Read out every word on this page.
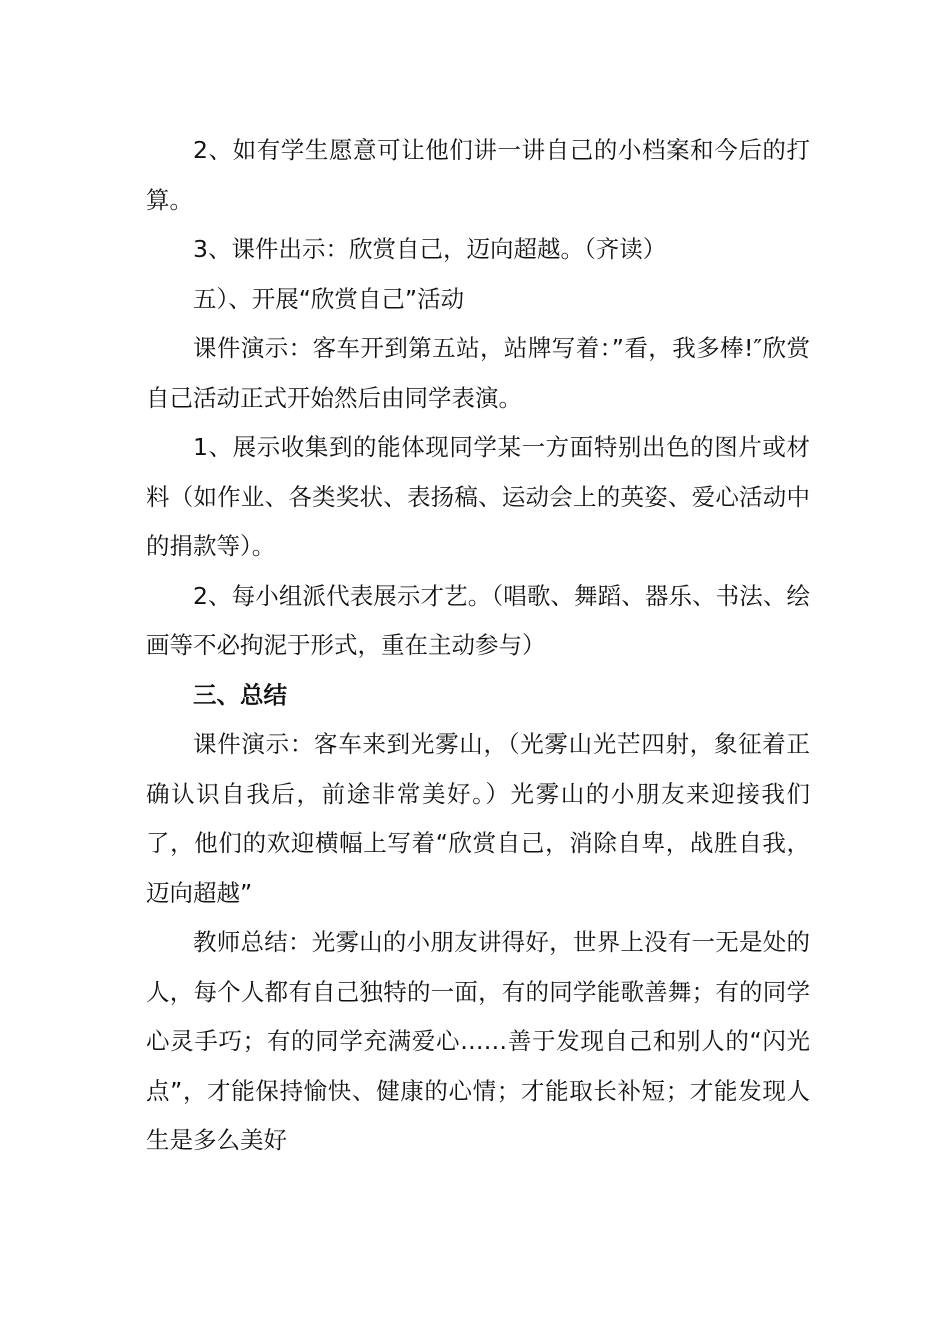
2、如有学生愿意可让他们讲一讲自己的小档案和今后的打算。

3、课件出示：欣赏自己，迈向超越。（齐读）

五）、开展“欣赏自己”活动

课件演示：客车开到第五站，站牌写着：”看，我多棒!″欣赏自己活动正式开始然后由同学表演。

1、展示收集到的能体现同学某一方面特别出色的图片或材料（如作业、各类奖状、表扬稿、运动会上的英姿、爱心活动中的捐款等）。

2、每小组派代表展示才艺。（唱歌、舞蹈、器乐、书法、绘画等不必拘泥于形式，重在主动参与）

三、总结

课件演示：客车来到光雾山，（光雾山光芒四射，象征着正确认识自我后，前途非常美好。）光雾山的小朋友来迎接我们了，他们的欢迎横幅上写着“欣赏自己，消除自卑，战胜自我，迈向超越”

教师总结：光雾山的小朋友讲得好，世界上没有一无是处的人，每个人都有自己独特的一面，有的同学能歌善舞；有的同学心灵手巧；有的同学充满爱心……善于发现自己和别人的“闪光点”，才能保持愉快、健康的心情；才能取长补短；才能发现人生是多么美好
